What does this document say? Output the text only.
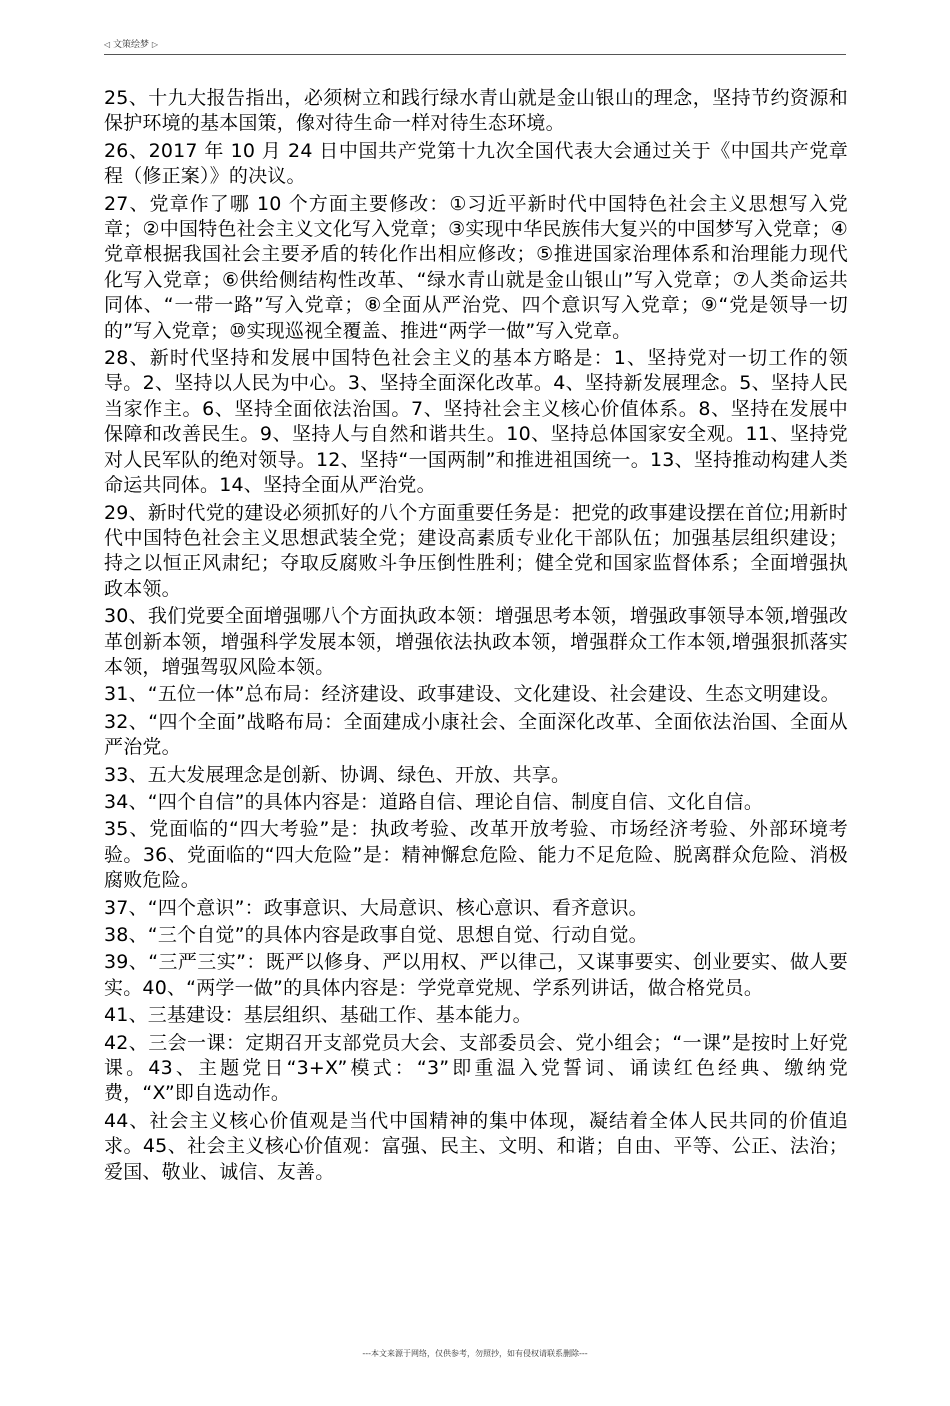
◁ 文策绘梦 ▷

25、十九大报告指出，必须树立和践行绿水青山就是金山银山的理念，坚持节约资源和保护环境的基本国策，像对待生命一样对待生态环境。

26、2017 年 10 月 24 日中国共产党第十九次全国代表大会通过关于《中国共产党章程（修正案）》的决议。

27、党章作了哪 10 个方面主要修改：①习近平新时代中国特色社会主义思想写入党章；②中国特色社会主义文化写入党章；③实现中华民族伟大复兴的中国梦写入党章；④党章根据我国社会主要矛盾的转化作出相应修改；⑤推进国家治理体系和治理能力现代化写入党章；⑥供给侧结构性改革、“绿水青山就是金山银山”写入党章；⑦人类命运共同体、“一带一路”写入党章；⑧全面从严治党、四个意识写入党章；⑨“党是领导一切的”写入党章；⑩实现巡视全覆盖、推进“两学一做”写入党章。

28、新时代坚持和发展中国特色社会主义的基本方略是：1、坚持党对一切工作的领导。2、坚持以人民为中心。3、坚持全面深化改革。4、坚持新发展理念。5、坚持人民当家作主。6、坚持全面依法治国。7、坚持社会主义核心价值体系。8、坚持在发展中保障和改善民生。9、坚持人与自然和谐共生。10、坚持总体国家安全观。11、坚持党对人民军队的绝对领导。12、坚持“一国两制”和推进祖国统一。13、坚持推动构建人类命运共同体。14、坚持全面从严治党。

29、新时代党的建设必须抓好的八个方面重要任务是：把党的政事建设摆在首位;用新时代中国特色社会主义思想武装全党；建设高素质专业化干部队伍；加强基层组织建设；持之以恒正风肃纪；夺取反腐败斗争压倒性胜利；健全党和国家监督体系；全面增强执政本领。

30、我们党要全面增强哪八个方面执政本领：增强思考本领，增强政事领导本领,增强改革创新本领，增强科学发展本领，增强依法执政本领，增强群众工作本领,增强狠抓落实本领，增强驾驭风险本领。

31、“五位一体”总布局：经济建设、政事建设、文化建设、社会建设、生态文明建设。

32、“四个全面”战略布局：全面建成小康社会、全面深化改革、全面依法治国、全面从严治党。

33、五大发展理念是创新、协调、绿色、开放、共享。

34、“四个自信”的具体内容是：道路自信、理论自信、制度自信、文化自信。

35、党面临的“四大考验”是：执政考验、改革开放考验、市场经济考验、外部环境考验。36、党面临的“四大危险”是：精神懈怠危险、能力不足危险、脱离群众危险、消极腐败危险。

37、“四个意识”：政事意识、大局意识、核心意识、看齐意识。

38、“三个自觉”的具体内容是政事自觉、思想自觉、行动自觉。

39、“三严三实”：既严以修身、严以用权、严以律己，又谋事要实、创业要实、做人要实。40、“两学一做”的具体内容是：学党章党规、学系列讲话，做合格党员。

41、三基建设：基层组织、基础工作、基本能力。

42、三会一课：定期召开支部党员大会、支部委员会、党小组会；“一课”是按时上好党课。43、主题党日“3+X”模式：“3”即重温入党誓词、诵读红色经典、缴纳党费，“X”即自选动作。

44、社会主义核心价值观是当代中国精神的集中体现，凝结着全体人民共同的价值追求。45、社会主义核心价值观：富强、民主、文明、和谐；自由、平等、公正、法治；爱国、敬业、诚信、友善。

---本文来源于网络，仅供参考，勿照抄，如有侵权请联系删除---
